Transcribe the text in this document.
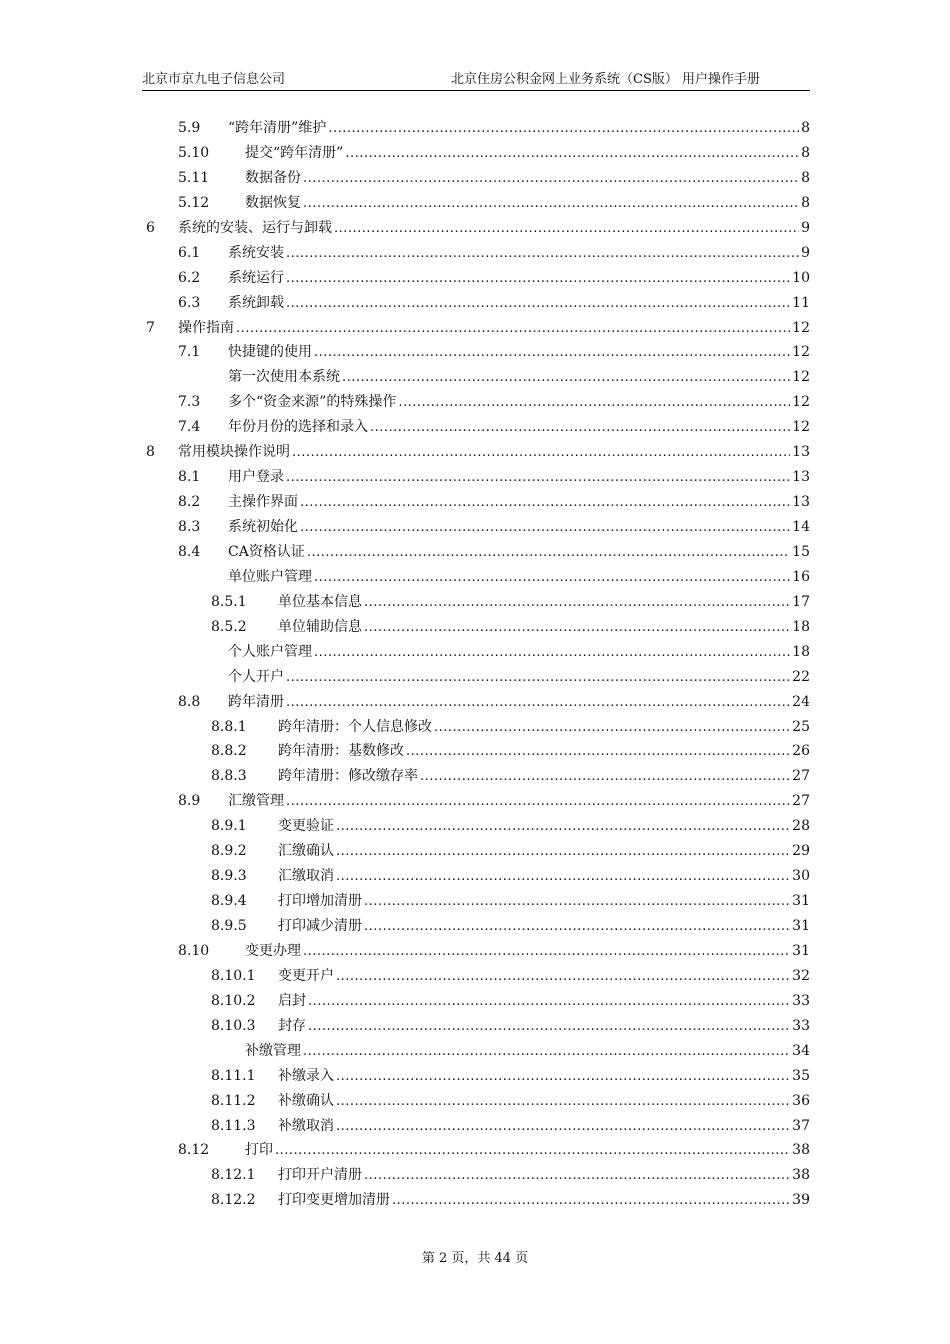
北京市京九电子信息公司	北京住房公积金网上业务系统（CS版） 用户操作手册
5.9 “跨年清册”维护 .....	8
5.10	提交“跨年清册” .....	8
5.11	数据备份 .....	8
5.12	数据恢复 .....	8
6 系统的安装、运行与卸载 .....	9
6.1 系统安装 .....	9
6.2 系统运行 .....	10
6.3 系统卸载 .....	11
7 操作指南 .....	12
7.1 快捷键的使用 .....	12
第一次使用本系统 .....	12
7.3 多个“资金来源”的特殊操作 .....	12
7.4 年份月份的选择和录入 .....	12
8 常用模块操作说明 .....	13
8.1 用户登录 .....	13
8.2 主操作界面 .....	13
8.3 系统初始化 .....	14
8.4 CA资格认证 .....	15
单位账户管理 .....	16
8.5.1 单位基本信息 .....	17
8.5.2 单位辅助信息 .....	18
个人账户管理 .....	18
个人开户 .....	22
8.8 跨年清册 .....	24
8.8.1 跨年清册：个人信息修改 .....	25
8.8.2 跨年清册：基数修改 .....	26
8.8.3 跨年清册：修改缴存率 .....	27
8.9 汇缴管理 .....	27
8.9.1 变更验证 .....	28
8.9.2 汇缴确认 .....	29
8.9.3 汇缴取消 .....	30
8.9.4 打印增加清册 .....	31
8.9.5 打印减少清册 .....	31
8.10	变更办理 .....	31
8.10.1 变更开户 .....	32
8.10.2 启封 .....	33
8.10.3 封存 .....	33
补缴管理 .....	34
8.11.1 补缴录入 .....	35
8.11.2 补缴确认 .....	36
8.11.3 补缴取消 .....	37
8.12	打印 .....	38
8.12.1 打印开户清册 .....	38
8.12.2 打印变更增加清册 .....	39
第 2 页，共 44 页
